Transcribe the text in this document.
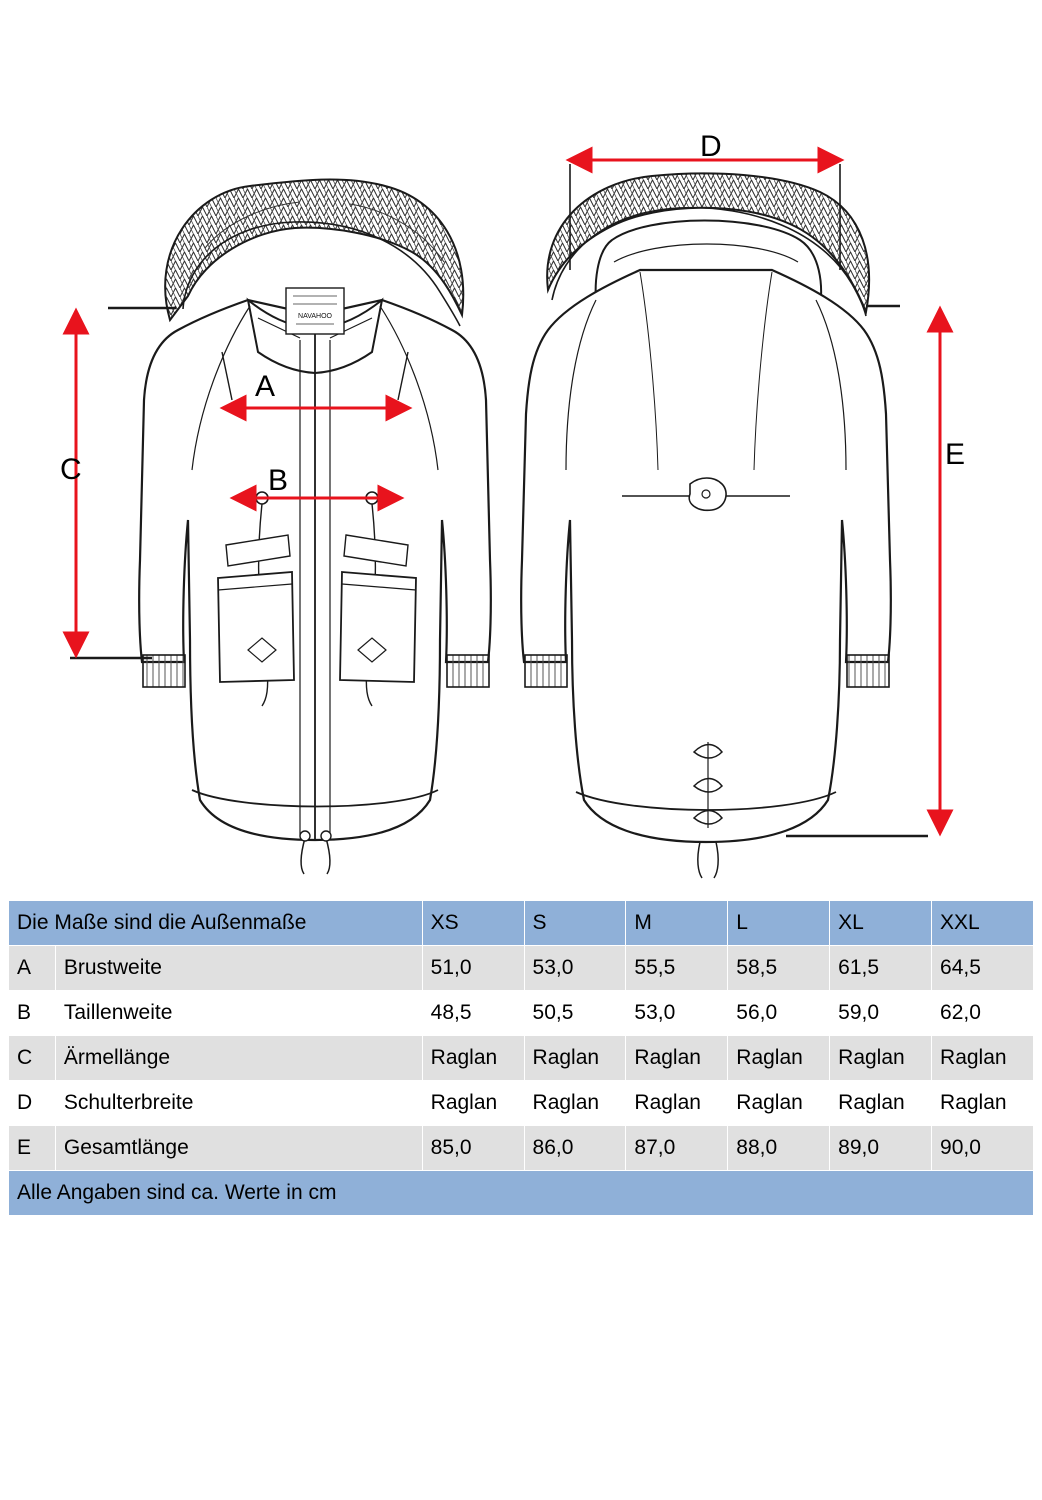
NAVAHOO
A
B
C
D
E
Die Maße sind die Außenmaße		XS	S	M	L	XL	XXL
A	Brustweite	51,0	53,0	55,5	58,5	61,5	64,5
B	Taillenweite	48,5	50,5	53,0	56,0	59,0	62,0
C	Ärmellänge	Raglan	Raglan	Raglan	Raglan	Raglan	Raglan
D	Schulterbreite	Raglan	Raglan	Raglan	Raglan	Raglan	Raglan
E	Gesamtlänge	85,0	86,0	87,0	88,0	89,0	90,0
Alle Angaben sind ca. Werte in cm							
